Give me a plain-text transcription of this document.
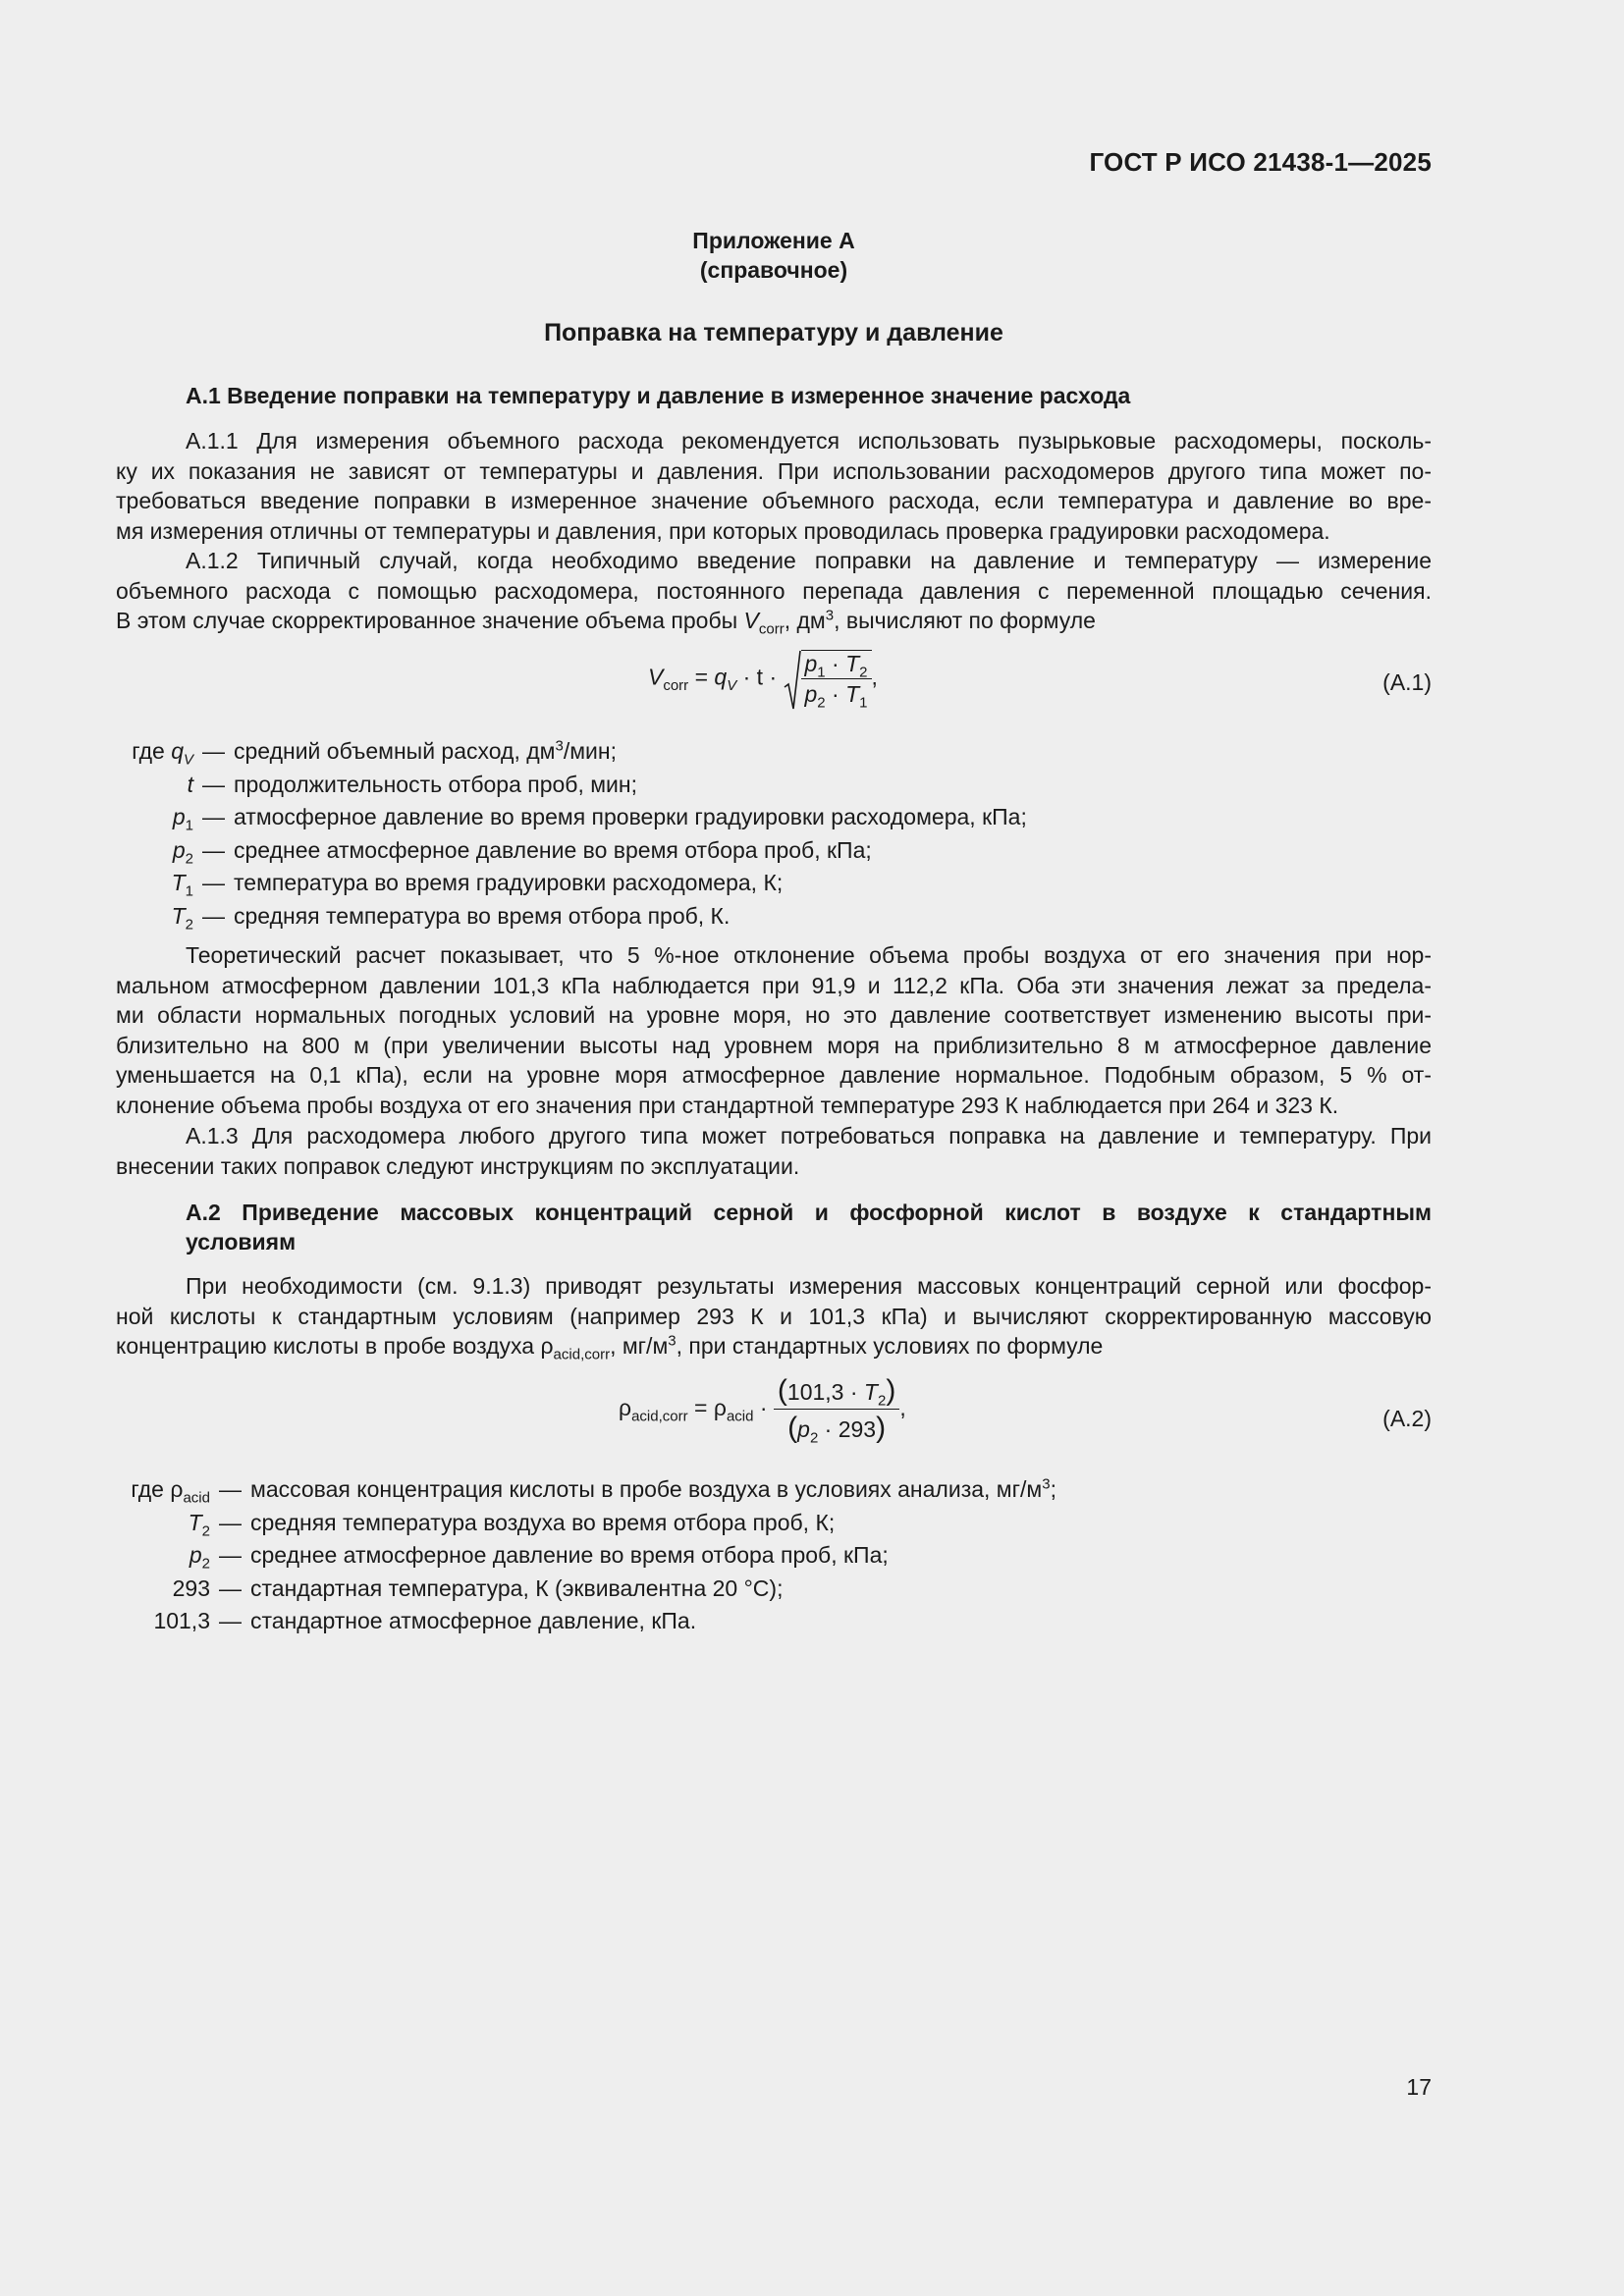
ГОСТ Р ИСО 21438-1—2025
Приложение А
(справочное)
Поправка на температуру и давление
A.1 Введение поправки на температуру и давление в измеренное значение расхода
А.1.1 Для измерения объемного расхода рекомендуется использовать пузырьковые расходомеры, посколь-
ку их показания не зависят от температуры и давления. При использовании расходомеров другого типа может по-
требоваться введение поправки в измеренное значение объемного расхода, если температура и давление во вре-
мя измерения отличны от температуры и давления, при которых проводилась проверка градуировки расходомера.
А.1.2 Типичный случай, когда необходимо введение поправки на давление и температуру — измерение
объемного расхода с помощью расходомера, постоянного перепада давления с переменной площадью сечения.
В этом случае скорректированное значение объема пробы $V_{corr}$, $дм^3$, вычисляют по формуле
$V_{corr} = q_V \cdot t \cdot \frac{p_1 \cdot T_2}{p_2 \cdot T_1}$ ,	(A.1)
где $q_V$ — средний объемный расход, $дм^3$/мин;
t — продолжительность отбора проб, мин;
$p_1$ — атмосферное давление во время проверки градуировки расходомера, кПа;
$p_2$ — среднее атмосферное давление во время отбора проб, кПа;
$T_1$ — температура во время градуировки расходомера, К;
$T_2$ — средняя температура во время отбора проб, К.
Теоретический расчет показывает, что 5 %-ное отклонение объема пробы воздуха от его значения при нор-
мальном атмосферном давлении 101,3 кПа наблюдается при 91,9 и 112,2 кПа. Оба эти значения лежат за предела-
ми области нормальных погодных условий на уровне моря, но это давление соответствует изменению высоты при-
близительно на 800 м (при увеличении высоты над уровнем моря на приблизительно 8 м атмосферное давление
уменьшается на 0,1 кПа), если на уровне моря атмосферное давление нормальное. Подобным образом, 5 % от-
клонение объема пробы воздуха от его значения при стандартной температуре 293 К наблюдается при 264 и 323 К.
А.1.3 Для расходомера любого другого типа может потребоваться поправка на давление и температуру. При
внесении таких поправок следуют инструкциям по эксплуатации.
А.2 Приведение массовых концентраций серной и фосфорной кислот в воздухе к стандартным
условиям
При необходимости (см. 9.1.3) приводят результаты измерения массовых концентраций серной или фосфор-
ной кислоты к стандартным условиям (например 293 К и 101,3 кПа) и вычисляют скорректированную массовую
концентрацию кислоты в пробе воздуха $\rho_{acid,corr}$, $мг/м^3$, при стандартных условиях по формуле
$\rho_{acid,corr} = \rho_{acid} \cdot \frac{(101,3 \cdot T_2)}{(p_2 \cdot 293)}$ ,	(A.2)
где $\rho_{acid}$ — массовая концентрация кислоты в пробе воздуха в условиях анализа, $мг/м^3$;
$T_2$ — средняя температура воздуха во время отбора проб, К;
$p_2$ — среднее атмосферное давление во время отбора проб, кПа;
293 — стандартная температура, К (эквивалентна 20 °С);
101,3 — стандартное атмосферное давление, кПа.
17
